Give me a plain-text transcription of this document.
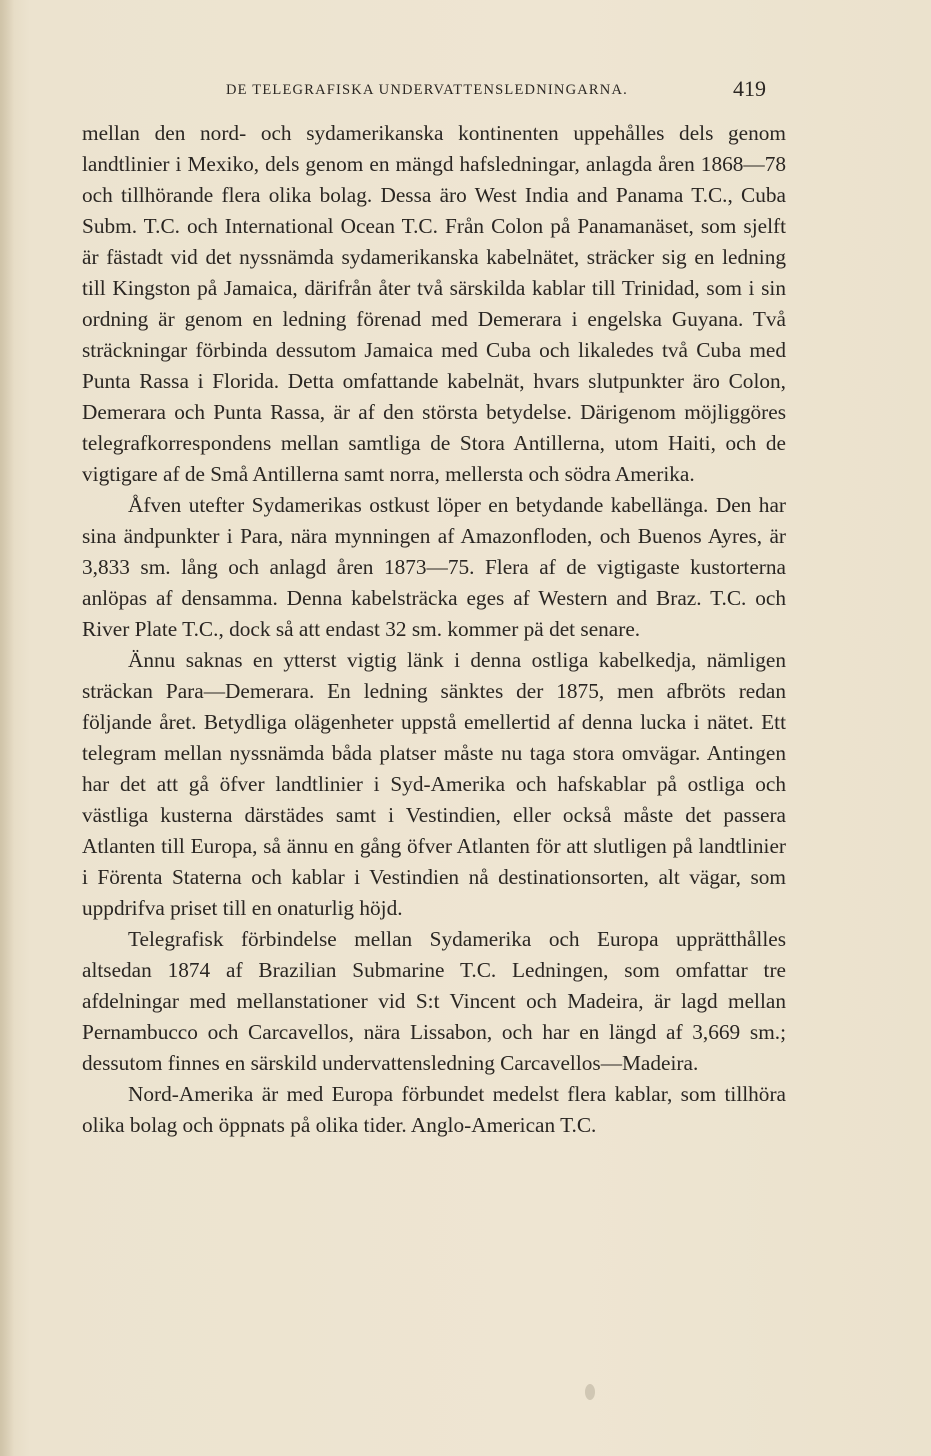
DE TELEGRAFISKA UNDERVATTENSLEDNINGARNA.	419

mellan den nord- och sydamerikanska kontinenten uppehålles dels genom landtlinier i Mexiko, dels genom en mängd hafsledningar, anlagda åren 1868—78 och tillhörande flera olika bolag. Dessa äro West India and Panama T.C., Cuba Subm. T.C. och International Ocean T.C. Från Colon på Panamanäset, som sjelft är fästadt vid det nyssnämda sydamerikanska kabelnätet, sträcker sig en ledning till Kingston på Jamaica, därifrån åter två särskilda kablar till Trinidad, som i sin ordning är genom en ledning förenad med Demerara i engelska Guyana. Två sträckningar förbinda dessutom Jamaica med Cuba och likaledes två Cuba med Punta Rassa i Florida. Detta omfattande kabelnät, hvars slutpunkter äro Colon, Demerara och Punta Rassa, är af den största betydelse. Därigenom möjliggöres telegrafkorrespondens mellan samtliga de Stora Antillerna, utom Haiti, och de vigtigare af de Små Antillerna samt norra, mellersta och södra Amerika.

Åfven utefter Sydamerikas ostkust löper en betydande kabellänga. Den har sina ändpunkter i Para, nära mynningen af Amazonfloden, och Buenos Ayres, är 3,833 sm. lång och anlagd åren 1873—75. Flera af de vigtigaste kustorterna anlöpas af densamma. Denna kabelsträcka eges af Western and Braz. T.C. och River Plate T.C., dock så att endast 32 sm. kommer pä det senare.

Ännu saknas en ytterst vigtig länk i denna ostliga kabelkedja, nämligen sträckan Para—Demerara. En ledning sänktes der 1875, men afbröts redan följande året. Betydliga olägenheter uppstå emellertid af denna lucka i nätet. Ett telegram mellan nyssnämda båda platser måste nu taga stora omvägar. Antingen har det att gå öfver landtlinier i Syd-Amerika och hafskablar på ostliga och västliga kusterna därstädes samt i Vestindien, eller också måste det passera Atlanten till Europa, så ännu en gång öfver Atlanten för att slutligen på landtlinier i Förenta Staterna och kablar i Vestindien nå destinationsorten, alt vägar, som uppdrifva priset till en onaturlig höjd.

Telegrafisk förbindelse mellan Sydamerika och Europa upprätthålles altsedan 1874 af Brazilian Submarine T.C. Ledningen, som omfattar tre afdelningar med mellanstationer vid S:t Vincent och Madeira, är lagd mellan Pernambucco och Carcavellos, nära Lissabon, och har en längd af 3,669 sm.; dessutom finnes en särskild undervattensledning Carcavellos—Madeira.

Nord-Amerika är med Europa förbundet medelst flera kablar, som tillhöra olika bolag och öppnats på olika tider. Anglo-American T.C.
